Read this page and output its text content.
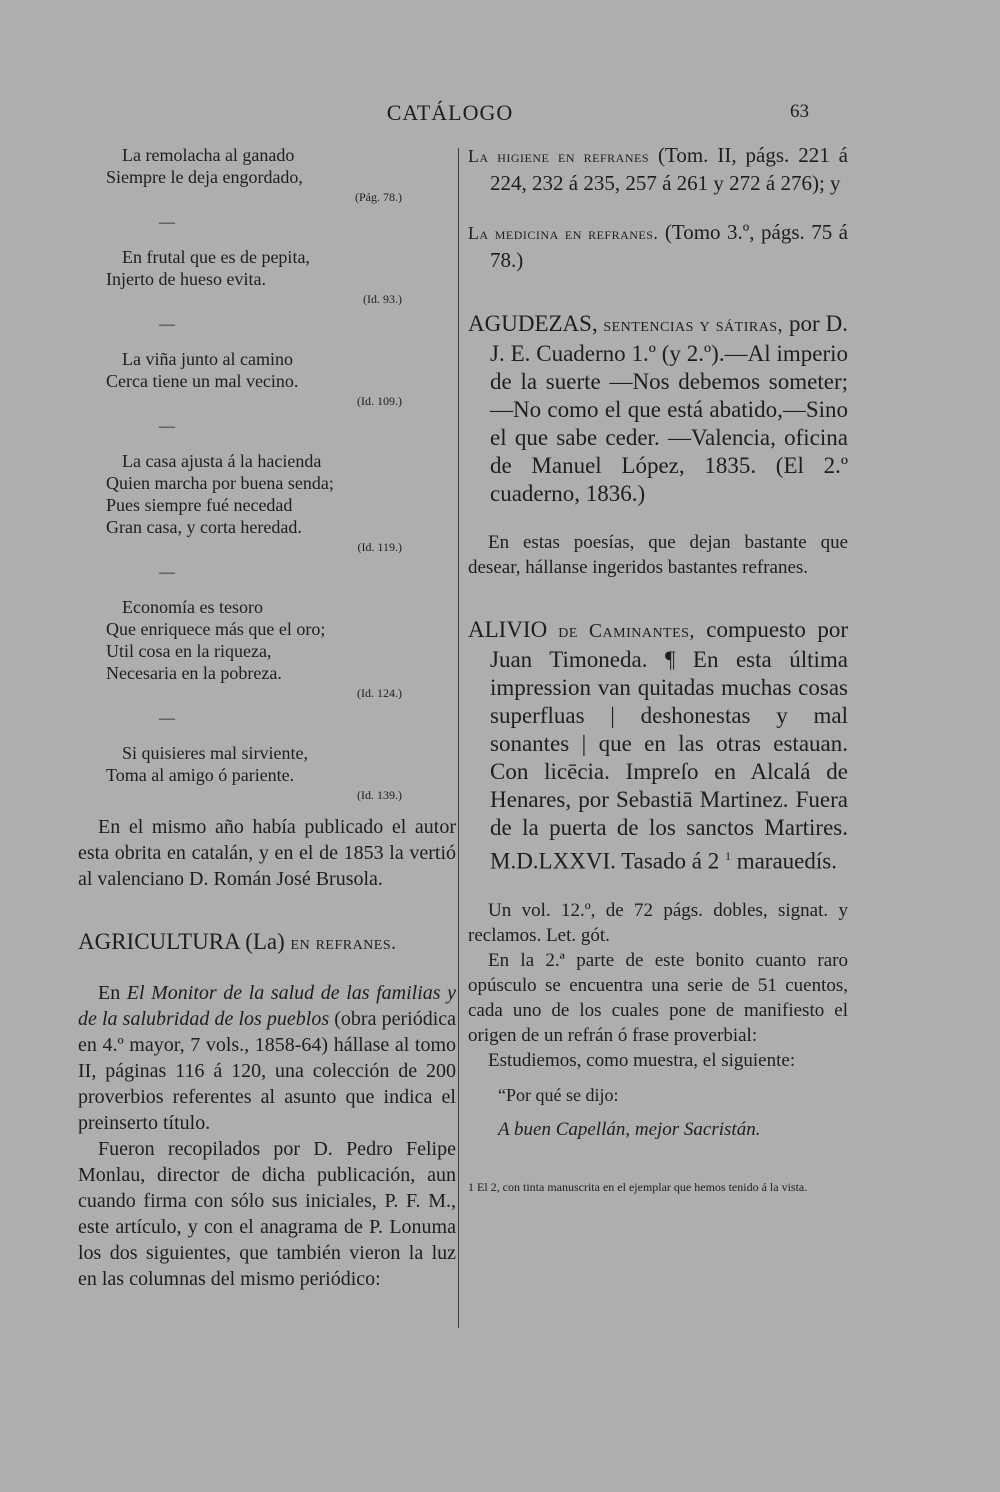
CATÁLOGO	63
La remolacha al ganado
Siempre le deja engordado,
(Pág. 78.)
—
En frutal que es de pepita,
Injerto de hueso evita.
(Id. 93.)
—
La viña junto al camino
Cerca tiene un mal vecino.
(Id. 109.)
—
La casa ajusta á la hacienda
Quien marcha por buena senda;
Pues siempre fué necedad
Gran casa, y corta heredad.
(Id. 119.)
—
Economía es tesoro
Que enriquece más que el oro;
Util cosa en la riqueza,
Necesaria en la pobreza.
(Id. 124.)
—
Si quisieres mal sirviente,
Toma al amigo ó pariente.
(Id. 139.)

En el mismo año había publicado el autor esta obrita en catalán, y en el de 1853 la vertió al valenciano D. Román José Brusola.

AGRICULTURA (La) en refranes.

En El Monitor de la salud de las familias y de la salubridad de los pueblos (obra periódica en 4.º mayor, 7 vols., 1858-64) hállase al tomo II, páginas 116 á 120, una colección de 200 proverbios referentes al asunto que indica el preinserto título.

Fueron recopilados por D. Pedro Felipe Monlau, director de dicha publicación, aun cuando firma con sólo sus iniciales, P. F. M., este artículo, y con el anagrama de P. Lonuma los dos siguientes, que también vieron la luz en las columnas del mismo periódico:

La higiene en refranes (Tom. II, págs. 221 á 224, 232 á 235, 257 á 261 y 272 á 276); y
La medicina en refranes. (Tomo 3.º, págs. 75 á 78.)
AGUDEZAS, sentencias y sátiras, por D. J. E. Cuaderno 1.º (y 2.º).—Al imperio de la suerte —Nos debemos someter; —No como el que está abatido,—Sino el que sabe ceder. —Valencia, oficina de Manuel López, 1835. (El 2.º cuaderno, 1836.)

En estas poesías, que dejan bastante que desear, hállanse ingeridos bastantes refranes.

ALIVIO de Caminantes, compuesto por Juan Timoneda. ¶ En esta última impression van quitadas muchas cosas superfluas | deshonestas y mal sonantes | que en las otras estauan. Con licēcia. Impreſo en Alcalá de Henares, por Sebastiā Martinez. Fuera de la puerta de los sanctos Martires. M.D.LXXVI. Tasado á 2 $^1$ marauedís.

Un vol. 12.º, de 72 págs. dobles, signat. y reclamos. Let. gót.

En la 2.ª parte de este bonito cuanto raro opúsculo se encuentra una serie de 51 cuentos, cada uno de los cuales pone de manifiesto el origen de un refrán ó frase proverbial:

Estudiemos, como muestra, el siguiente:

“Por qué se dijo:
A buen Capellán, mejor Sacristán.
1 El 2, con tinta manuscrita en el ejemplar que hemos tenido á la vista.
